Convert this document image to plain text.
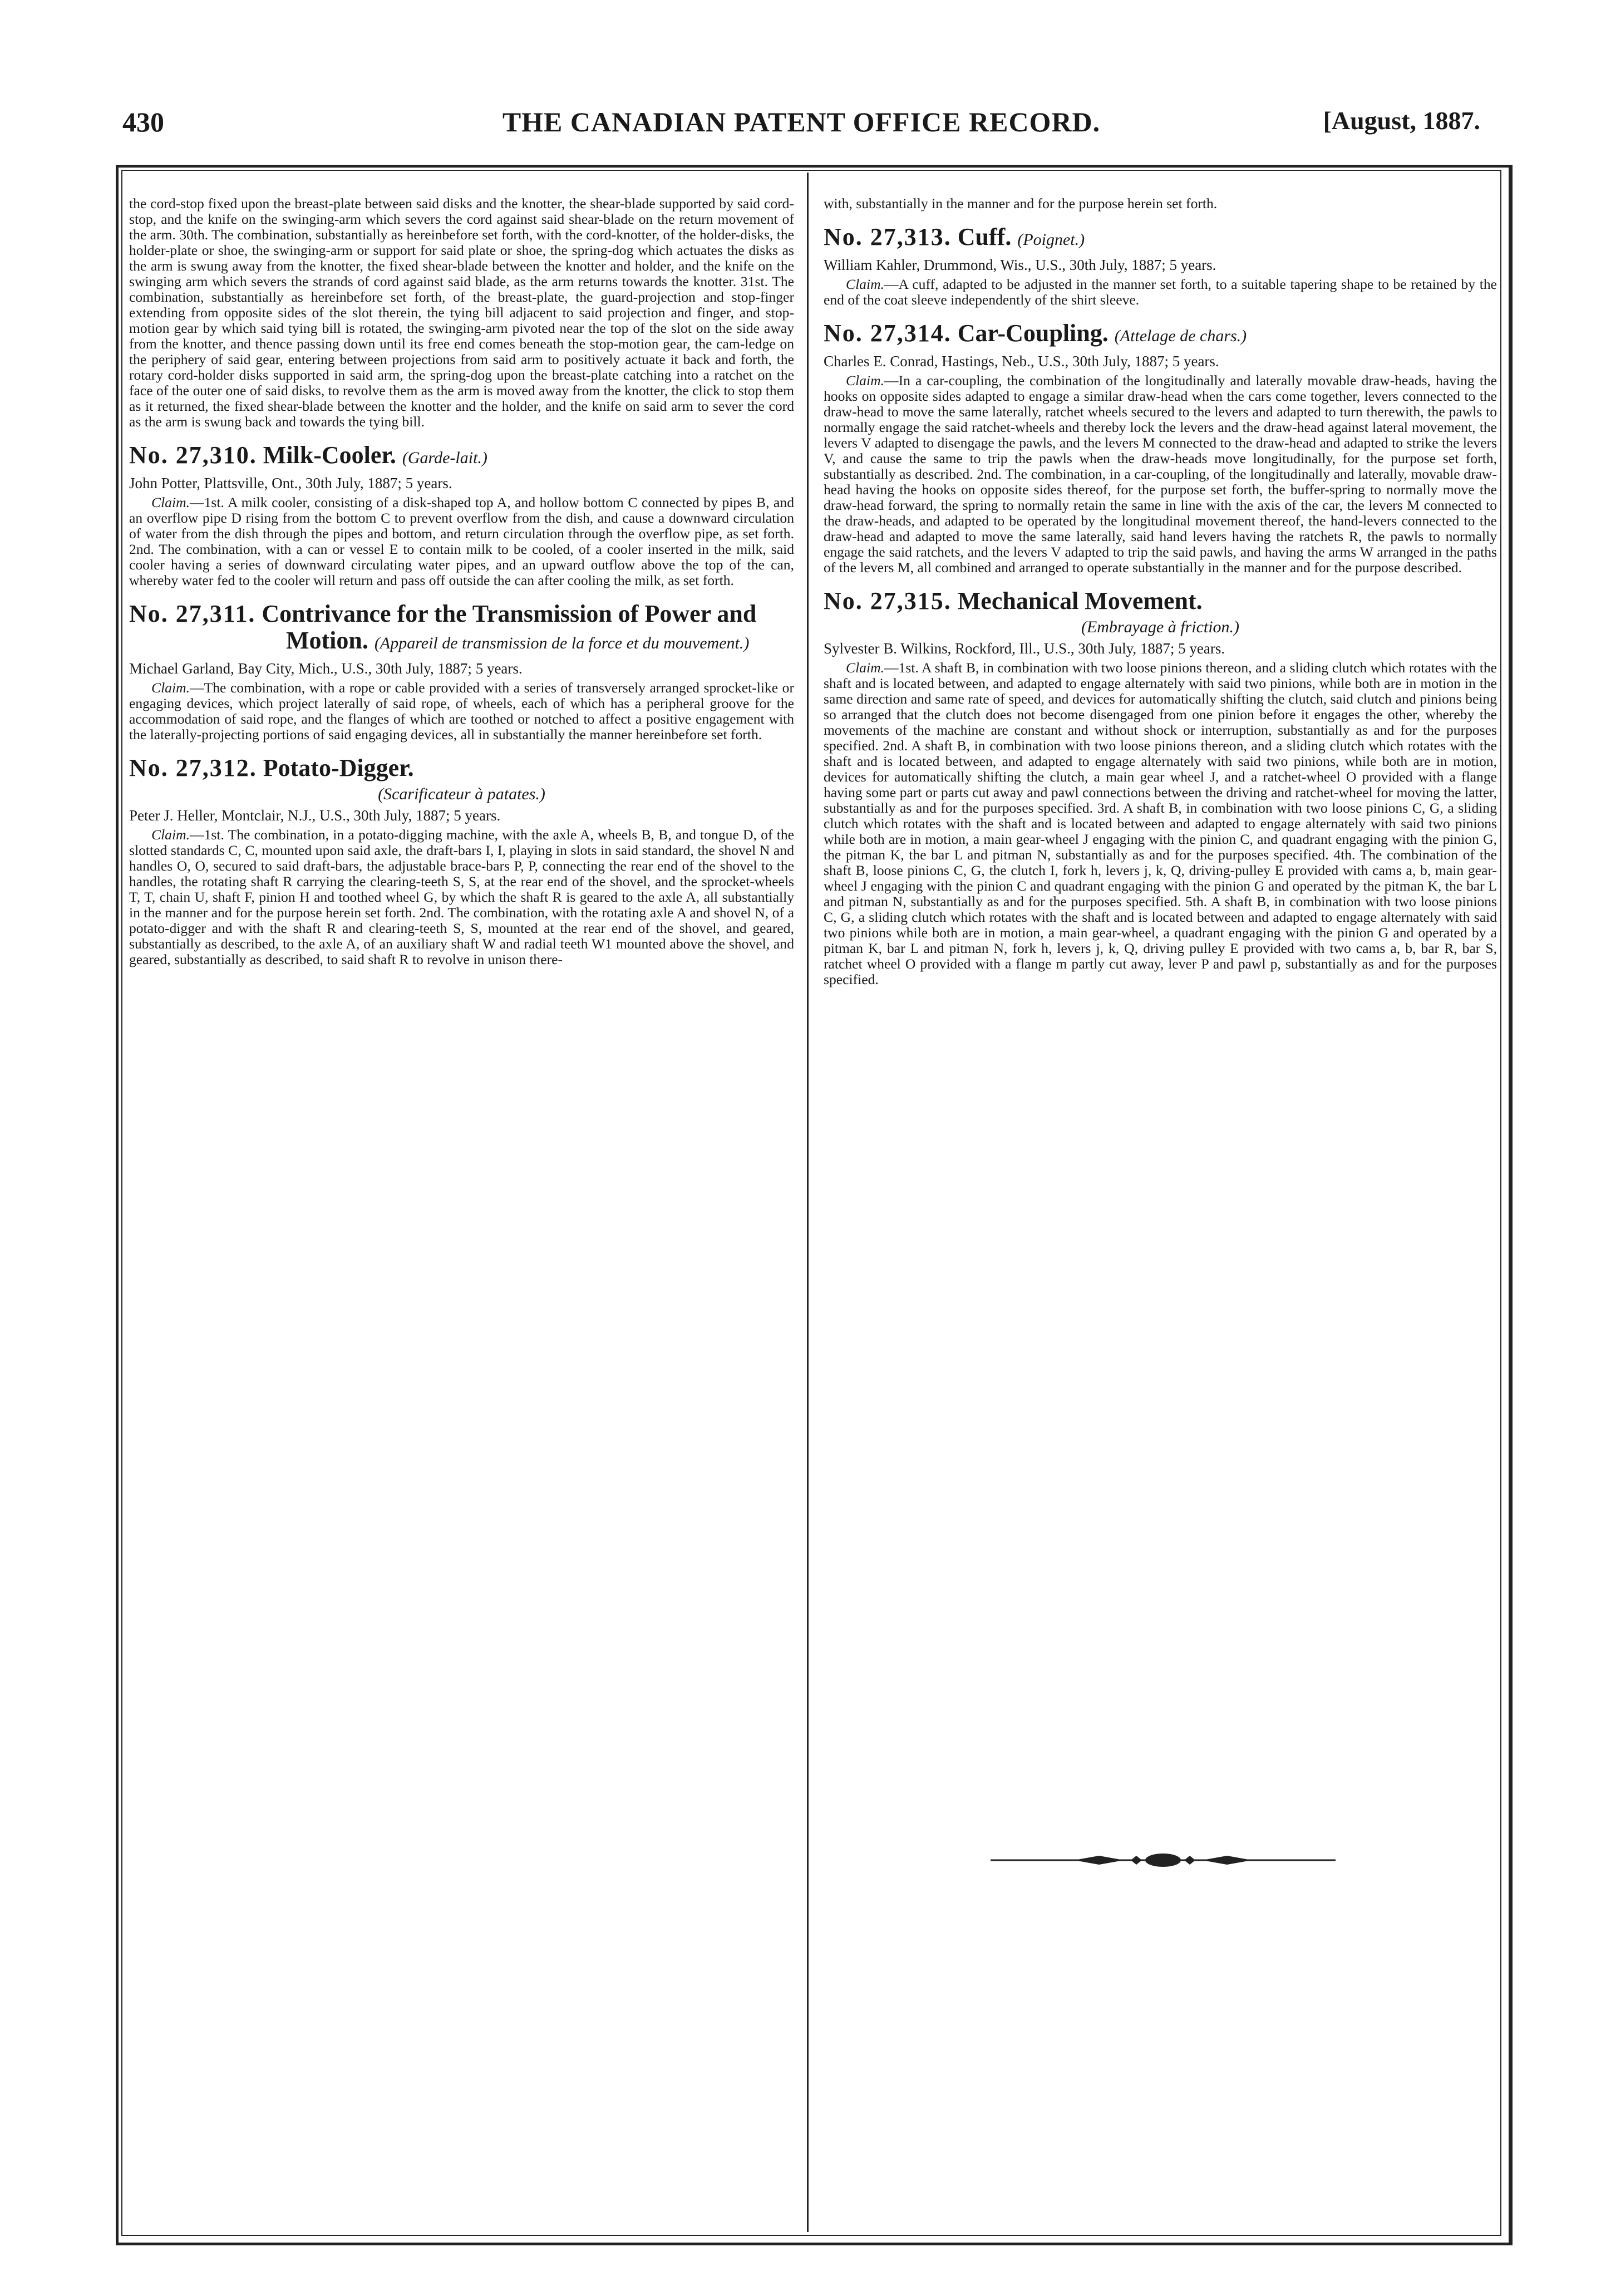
430	THE CANADIAN PATENT OFFICE RECORD.	[August, 1887.

the cord-stop fixed upon the breast-plate between said disks and the knotter, the shear-blade supported by said cord-stop, and the knife on the swinging-arm which severs the cord against said shear-blade on the return movement of the arm. 30th. The combination, substantially as hereinbefore set forth, with the cord-knotter, of the holder-disks, the holder-plate or shoe, the swinging-arm or support for said plate or shoe, the spring-dog which actuates the disks as the arm is swung away from the knotter, the fixed shear-blade between the knotter and holder, and the knife on the swinging arm which severs the strands of cord against said blade, as the arm returns towards the knotter. 31st. The combination, substantially as hereinbefore set forth, of the breast-plate, the guard-projection and stop-finger extending from opposite sides of the slot therein, the tying bill adjacent to said projection and finger, and stop-motion gear by which said tying bill is rotated, the swinging-arm pivoted near the top of the slot on the side away from the knotter, and thence passing down until its free end comes beneath the stop-motion gear, the cam-ledge on the periphery of said gear, entering between projections from said arm to positively actuate it back and forth, the rotary cord-holder disks supported in said arm, the spring-dog upon the breast-plate catching into a ratchet on the face of the outer one of said disks, to revolve them as the arm is moved away from the knotter, the click to stop them as it returned, the fixed shear-blade between the knotter and the holder, and the knife on said arm to sever the cord as the arm is swung back and towards the tying bill.

No. 27,310. Milk-Cooler. (Garde-lait.)

John Potter, Plattsville, Ont., 30th July, 1887; 5 years.

Claim.—1st. A milk cooler, consisting of a disk-shaped top A, and hollow bottom C connected by pipes B, and an overflow pipe D rising from the bottom C to prevent overflow from the dish, and cause a downward circulation of water from the dish through the pipes and bottom, and return circulation through the overflow pipe, as set forth. 2nd. The combination, with a can or vessel E to contain milk to be cooled, of a cooler inserted in the milk, said cooler having a series of downward circulating water pipes, and an upward outflow above the top of the can, whereby water fed to the cooler will return and pass off outside the can after cooling the milk, as set forth.

No. 27,311. Contrivance for the Transmission of Power and Motion. (Appareil de transmission de la force et du mouvement.)

Michael Garland, Bay City, Mich., U.S., 30th July, 1887; 5 years.

Claim.—The combination, with a rope or cable provided with a series of transversely arranged sprocket-like or engaging devices, which project laterally of said rope, of wheels, each of which has a peripheral groove for the accommodation of said rope, and the flanges of which are toothed or notched to affect a positive engagement with the laterally-projecting portions of said engaging devices, all in substantially the manner hereinbefore set forth.

No. 27,312. Potato-Digger.

(Scarificateur à patates.)

Peter J. Heller, Montclair, N.J., U.S., 30th July, 1887; 5 years.

Claim.—1st. The combination, in a potato-digging machine, with the axle A, wheels B, B, and tongue D, of the slotted standards C, C, mounted upon said axle, the draft-bars I, I, playing in slots in said standard, the shovel N and handles O, O, secured to said draft-bars, the adjustable brace-bars P, P, connecting the rear end of the shovel to the handles, the rotating shaft R carrying the clearing-teeth S, S, at the rear end of the shovel, and the sprocket-wheels T, T, chain U, shaft F, pinion H and toothed wheel G, by which the shaft R is geared to the axle A, all substantially in the manner and for the purpose herein set forth. 2nd. The combination, with the rotating axle A and shovel N, of a potato-digger and with the shaft R and clearing-teeth S, S, mounted at the rear end of the shovel, and geared, substantially as described, to the axle A, of an auxiliary shaft W and radial teeth W1 mounted above the shovel, and geared, substantially as described, to said shaft R to revolve in unison there-

with, substantially in the manner and for the purpose herein set forth.

No. 27,313. Cuff. (Poignet.)

William Kahler, Drummond, Wis., U.S., 30th July, 1887; 5 years.

Claim.—A cuff, adapted to be adjusted in the manner set forth, to a suitable tapering shape to be retained by the end of the coat sleeve independently of the shirt sleeve.

No. 27,314. Car-Coupling. (Attelage de chars.)

Charles E. Conrad, Hastings, Neb., U.S., 30th July, 1887; 5 years.

Claim.—In a car-coupling, the combination of the longitudinally and laterally movable draw-heads, having the hooks on opposite sides adapted to engage a similar draw-head when the cars come together, levers connected to the draw-head to move the same laterally, ratchet wheels secured to the levers and adapted to turn therewith, the pawls to normally engage the said ratchet-wheels and thereby lock the levers and the draw-head against lateral movement, the levers V adapted to disengage the pawls, and the levers M connected to the draw-head and adapted to strike the levers V, and cause the same to trip the pawls when the draw-heads move longitudinally, for the purpose set forth, substantially as described. 2nd. The combination, in a car-coupling, of the longitudinally and laterally, movable draw-head having the hooks on opposite sides thereof, for the purpose set forth, the buffer-spring to normally move the draw-head forward, the spring to normally retain the same in line with the axis of the car, the levers M connected to the draw-heads, and adapted to be operated by the longitudinal movement thereof, the hand-levers connected to the draw-head and adapted to move the same laterally, said hand levers having the ratchets R, the pawls to normally engage the said ratchets, and the levers V adapted to trip the said pawls, and having the arms W arranged in the paths of the levers M, all combined and arranged to operate substantially in the manner and for the purpose described.

No. 27,315. Mechanical Movement.

(Embrayage à friction.)

Sylvester B. Wilkins, Rockford, Ill., U.S., 30th July, 1887; 5 years.

Claim.—1st. A shaft B, in combination with two loose pinions thereon, and a sliding clutch which rotates with the shaft and is located between, and adapted to engage alternately with said two pinions, while both are in motion in the same direction and same rate of speed, and devices for automatically shifting the clutch, said clutch and pinions being so arranged that the clutch does not become disengaged from one pinion before it engages the other, whereby the movements of the machine are constant and without shock or interruption, substantially as and for the purposes specified. 2nd. A shaft B, in combination with two loose pinions thereon, and a sliding clutch which rotates with the shaft and is located between, and adapted to engage alternately with said two pinions, while both are in motion, devices for automatically shifting the clutch, a main gear wheel J, and a ratchet-wheel O provided with a flange having some part or parts cut away and pawl connections between the driving and ratchet-wheel for moving the latter, substantially as and for the purposes specified. 3rd. A shaft B, in combination with two loose pinions C, G, a sliding clutch which rotates with the shaft and is located between and adapted to engage alternately with said two pinions while both are in motion, a main gear-wheel J engaging with the pinion C, and quadrant engaging with the pinion G, the pitman K, the bar L and pitman N, substantially as and for the purposes specified. 4th. The combination of the shaft B, loose pinions C, G, the clutch I, fork h, levers j, k, Q, driving-pulley E provided with cams a, b, main gear-wheel J engaging with the pinion C and quadrant engaging with the pinion G and operated by the pitman K, the bar L and pitman N, substantially as and for the purposes specified. 5th. A shaft B, in combination with two loose pinions C, G, a sliding clutch which rotates with the shaft and is located between and adapted to engage alternately with said two pinions while both are in motion, a main gear-wheel, a quadrant engaging with the pinion G and operated by a pitman K, bar L and pitman N, fork h, levers j, k, Q, driving pulley E provided with two cams a, b, bar R, bar S, ratchet wheel O provided with a flange m partly cut away, lever P and pawl p, substantially as and for the purposes specified.
